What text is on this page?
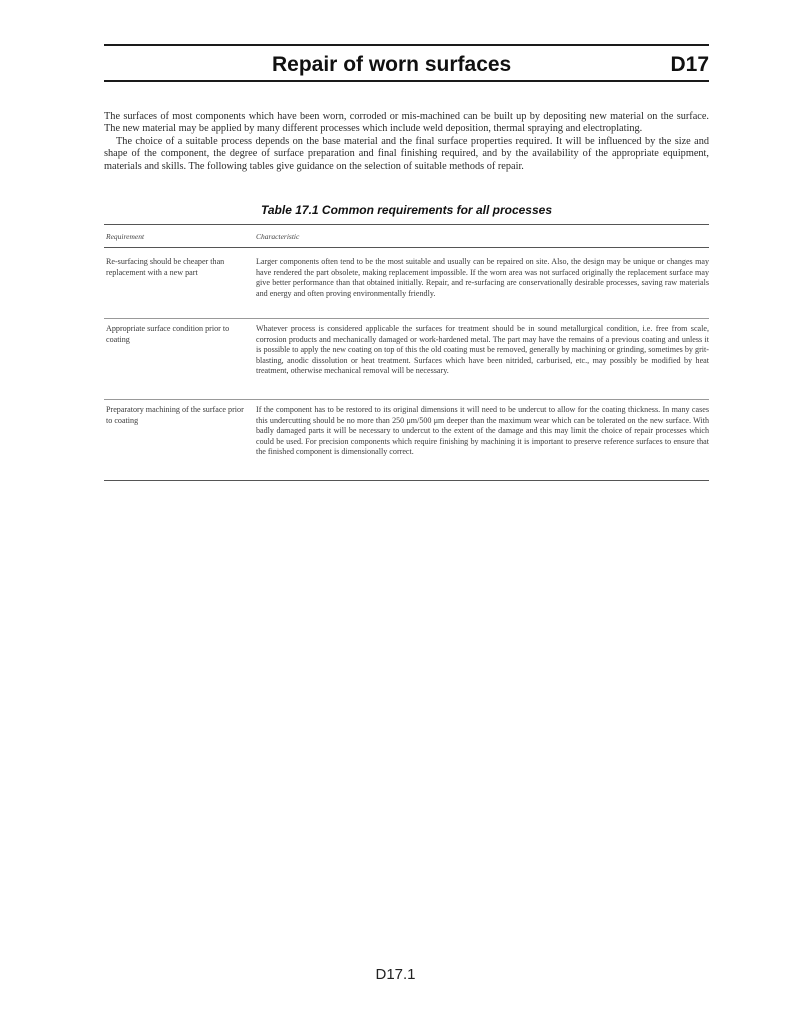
Repair of worn surfaces	D17

The surfaces of most components which have been worn, corroded or mis-machined can be built up by depositing new material on the surface. The new material may be applied by many different processes which include weld deposition, thermal spraying and electroplating.

The choice of a suitable process depends on the base material and the final surface properties required. It will be influenced by the size and shape of the component, the degree of surface preparation and final finishing required, and by the availability of the appropriate equipment, materials and skills. The following tables give guidance on the selection of suitable methods of repair.

Table 17.1 Common requirements for all processes
Requirement	Characteristic
Re-surfacing should be cheaper than replacement with a new part
Larger components often tend to be the most suitable and usually can be repaired on site. Also, the design may be unique or changes may have rendered the part obsolete, making replacement impossible. If the worn area was not surfaced originally the replacement surface may give better performance than that obtained initially. Repair, and re-surfacing are conservationally desirable processes, saving raw materials and energy and often proving environmentally friendly.
Appropriate surface condition prior to coating
Whatever process is considered applicable the surfaces for treatment should be in sound metallurgical condition, i.e. free from scale, corrosion products and mechanically damaged or work-hardened metal. The part may have the remains of a previous coating and unless it is possible to apply the new coating on top of this the old coating must be removed, generally by machining or grinding, sometimes by grit-blasting, anodic dissolution or heat treatment. Surfaces which have been nitrided, carburised, etc., may possibly be modified by heat treatment, otherwise mechanical removal will be necessary.
Preparatory machining of the surface prior to coating
If the component has to be restored to its original dimensions it will need to be undercut to allow for the coating thickness. In many cases this undercutting should be no more than 250 μm/500 μm deeper than the maximum wear which can be tolerated on the new surface. With badly damaged parts it will be necessary to undercut to the extent of the damage and this may limit the choice of repair processes which could be used. For precision components which require finishing by machining it is important to preserve reference surfaces to ensure that the finished component is dimensionally correct.
D17.1
